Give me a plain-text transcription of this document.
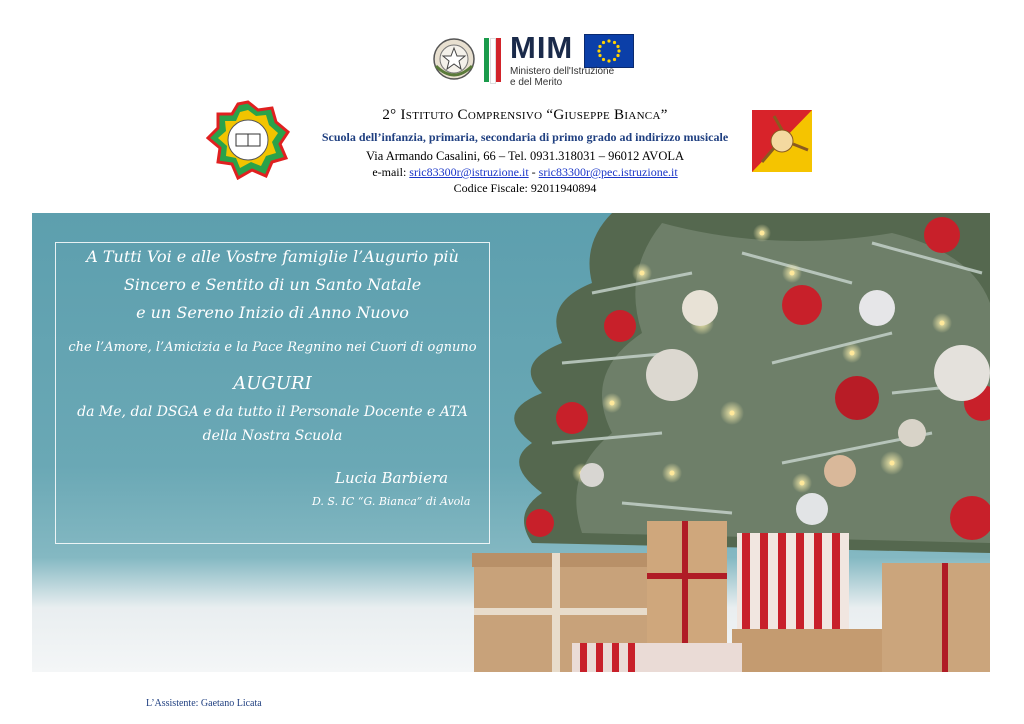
MIM
Ministero dell'Istruzione
e del Merito
2° Istituto Comprensivo “Giuseppe Bianca”
Scuola dell’infanzia, primaria, secondaria di primo grado ad indirizzo musicale
Via Armando Casalini, 66 – Tel. 0931.318031 – 96012 AVOLA
e-mail: sric83300r@istruzione.it - sric83300r@pec.istruzione.it
Codice Fiscale: 92011940894
A Tutti Voi e alle Vostre famiglie l’Augurio più
Sincero e Sentito di un Santo Natale
e un Sereno Inizio di Anno Nuovo
che l’Amore, l’Amicizia e la Pace Regnino nei Cuori di ognuno
AUGURI
da Me, dal DSGA e da tutto il Personale Docente e ATA
della Nostra Scuola
Lucia Barbiera
D. S. IC “G. Bianca” di Avola
L’Assistente: Gaetano Licata
